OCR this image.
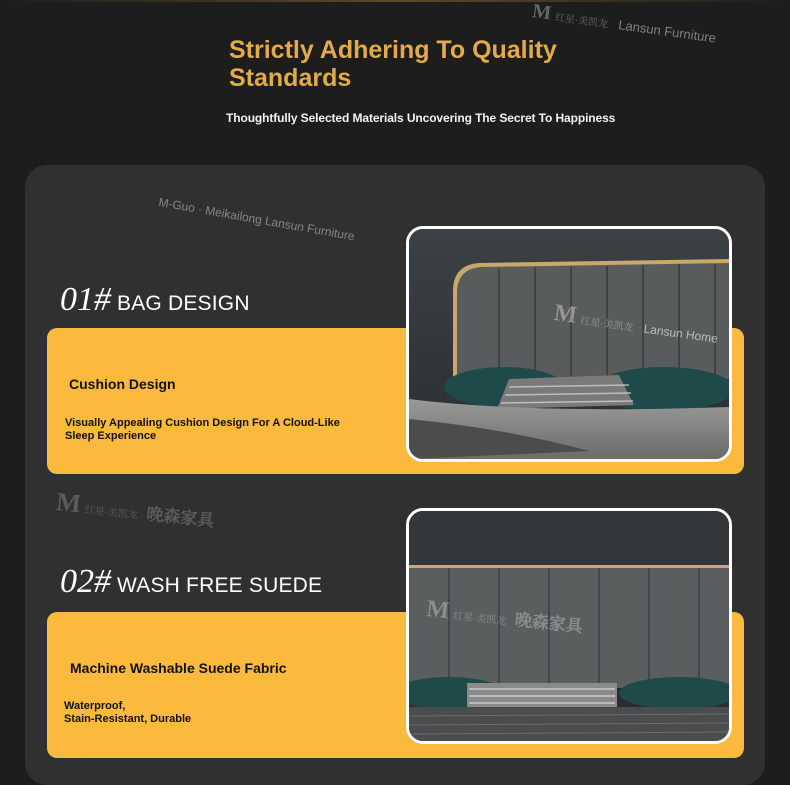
Strictly Adhering To Quality Standards
Thoughtfully Selected Materials Uncovering The Secret To Happiness
M 红星·美凯龙 Lansun Furniture
M-Guo · Meikailong Lansun Furniture
01# BAG DESIGN
Cushion Design
Visually Appealing Cushion Design For A Cloud-Like Sleep Experience
M 红星·美凯龙 Lansun Home
M 红星·美凯龙 晚森家具
02# WASH FREE SUEDE
Machine Washable Suede Fabric
Waterproof,
Stain-Resistant, Durable
M 红星·美凯龙 晚森家具
